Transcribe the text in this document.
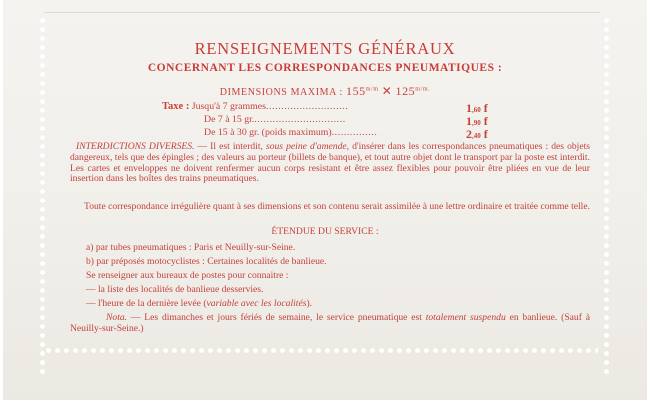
RENSEIGNEMENTS GÉNÉRAUX
CONCERNANT LES CORRESPONDANCES PNEUMATIQUES :
DIMENSIONS MAXIMA : $155^{m/m}$ ✕ $125^{m/m.}$
Taxe : Jusqu'à 7 grammes...........................	1,60 f
De 7 à 15 gr...............................	1,90 f
De 15 à 30 gr. (poids maximum)...............	2,40 f

INTERDICTIONS DIVERSES. — Il est interdit, sous peine d'amende, d'insérer dans les correspondances pneumatiques : des objets dangereux, tels que des épingles ; des valeurs au porteur (billets de banque), et tout autre objet dont le transport par la poste est interdit. Les cartes et enveloppes ne doivent renfermer aucun corps resistant et être assez flexibles pour pouvoir être pliées en vue de leur insertion dans les boîtes des trains pneumatiques.

Toute correspondance irrégulière quant à ses dimensions et son contenu serait assimilée à une lettre ordinaire et traitée comme telle.

ÉTENDUE DU SERVICE :
a) par tubes pneumatiques : Paris et Neuilly-sur-Seine.
b) par préposés motocyclistes : Certaines localités de banlieue.
Se renseigner aux bureaux de postes pour connaitre :
— la liste des localités de banlieue desservies.
— l'heure de la dernière levée (variable avec les localités).

Nota. — Les dimanches et jours fériés de semaine, le service pneumatique est totalement suspendu en banlieue. (Sauf à Neuilly-sur-Seine.)
